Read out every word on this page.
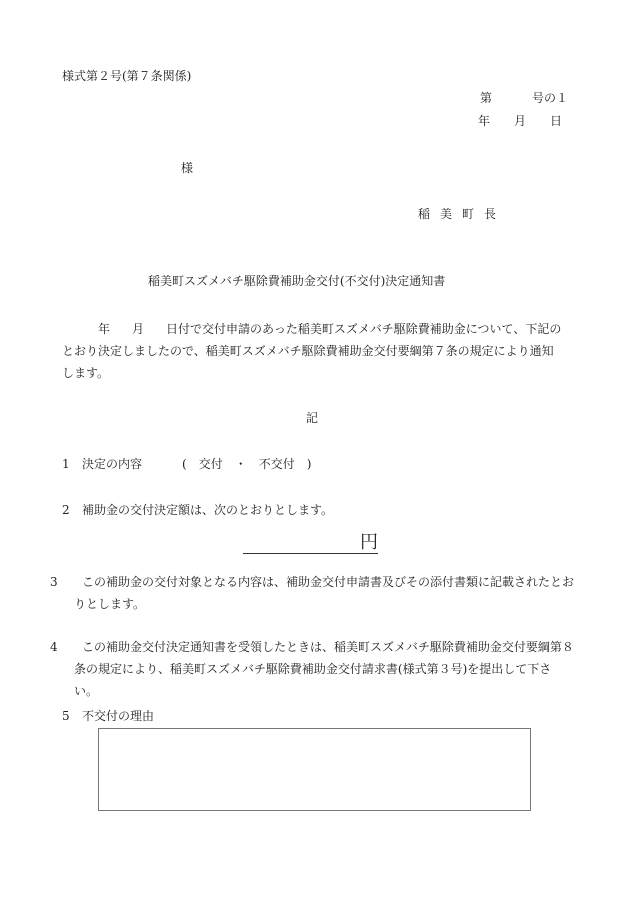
様式第２号(第７条関係)
第	号の１
年 月 日
様
稲美町長
稲美町スズメバチ駆除費補助金交付(不交付)決定通知書
年 月 日付で交付申請のあった稲美町スズメバチ駆除費補助金について、下記のとおり決定しましたので、稲美町スズメバチ駆除費補助金交付要綱第７条の規定により通知します。
記
1 決定の内容	(　交付　・　不交付　)
2 補助金の交付決定額は、次のとおりとします。
円
3 この補助金の交付対象となる内容は、補助金交付申請書及びその添付書類に記載されたとおりとします。
4 この補助金交付決定通知書を受領したときは、稲美町スズメバチ駆除費補助金交付要綱第８条の規定により、稲美町スズメバチ駆除費補助金交付請求書(様式第３号)を提出して下さい。
5 不交付の理由
